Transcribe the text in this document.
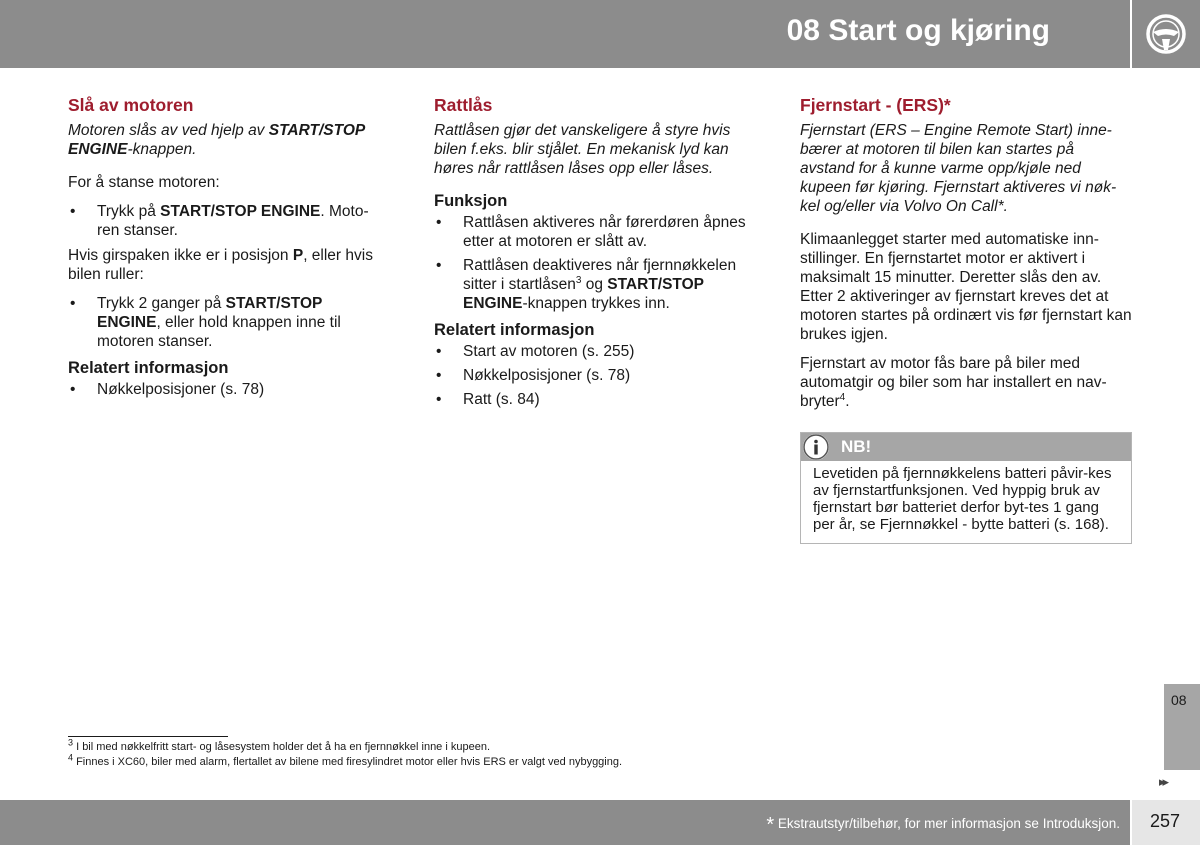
08 Start og kjøring
Slå av motoren

Motoren slås av ved hjelp av START/STOP ENGINE-knappen.

For å stanse motoren:

• Trykk på START/STOP ENGINE. Moto-ren stanser.

Hvis girspaken ikke er i posisjon P, eller hvis bilen ruller:

• Trykk 2 ganger på START/STOP ENGINE, eller hold knappen inne til motoren stanser.
Relatert informasjon
• Nøkkelposisjoner (s. 78)
Rattlås

Rattlåsen gjør det vanskeligere å styre hvis bilen f.eks. blir stjålet. En mekanisk lyd kan høres når rattlåsen låses opp eller låses.

Funksjon
• Rattlåsen aktiveres når førerdøren åpnes etter at motoren er slått av.
• Rattlåsen deaktiveres når fjernnøkkelen sitter i startlåsen$^3$ og START/STOP ENGINE-knappen trykkes inn.
Relatert informasjon
• Start av motoren (s. 255)
• Nøkkelposisjoner (s. 78)
• Ratt (s. 84)
Fjernstart - (ERS)*

Fjernstart (ERS – Engine Remote Start) inne-bærer at motoren til bilen kan startes på avstand for å kunne varme opp/kjøle ned kupeen før kjøring. Fjernstart aktiveres vi nøk-kel og/eller via Volvo On Call*.

Klimaanlegget starter med automatiske inn-stillinger. En fjernstartet motor er aktivert i maksimalt 15 minutter. Deretter slås den av. Etter 2 aktiveringer av fjernstart kreves det at motoren startes på ordinært vis før fjernstart kan brukes igjen.

Fjernstart av motor fås bare på biler med automatgir og biler som har installert en nav-bryter$^4$.

NB!
Levetiden på fjernnøkkelens batteri påvir-kes av fjernstartfunksjonen. Ved hyppig bruk av fjernstart bør batteriet derfor byt-tes 1 gang per år, se Fjernnøkkel - bytte batteri (s. 168).
$^3$ I bil med nøkkelfritt start- og låsesystem holder det å ha en fjernnøkkel inne i kupeen.
$^4$ Finnes i XC60, biler med alarm, flertallet av bilene med firesylindret motor eller hvis ERS er valgt ved nybygging.
08
▸▸
* Ekstrautstyr/tilbehør, for mer informasjon se Introduksjon. 257
